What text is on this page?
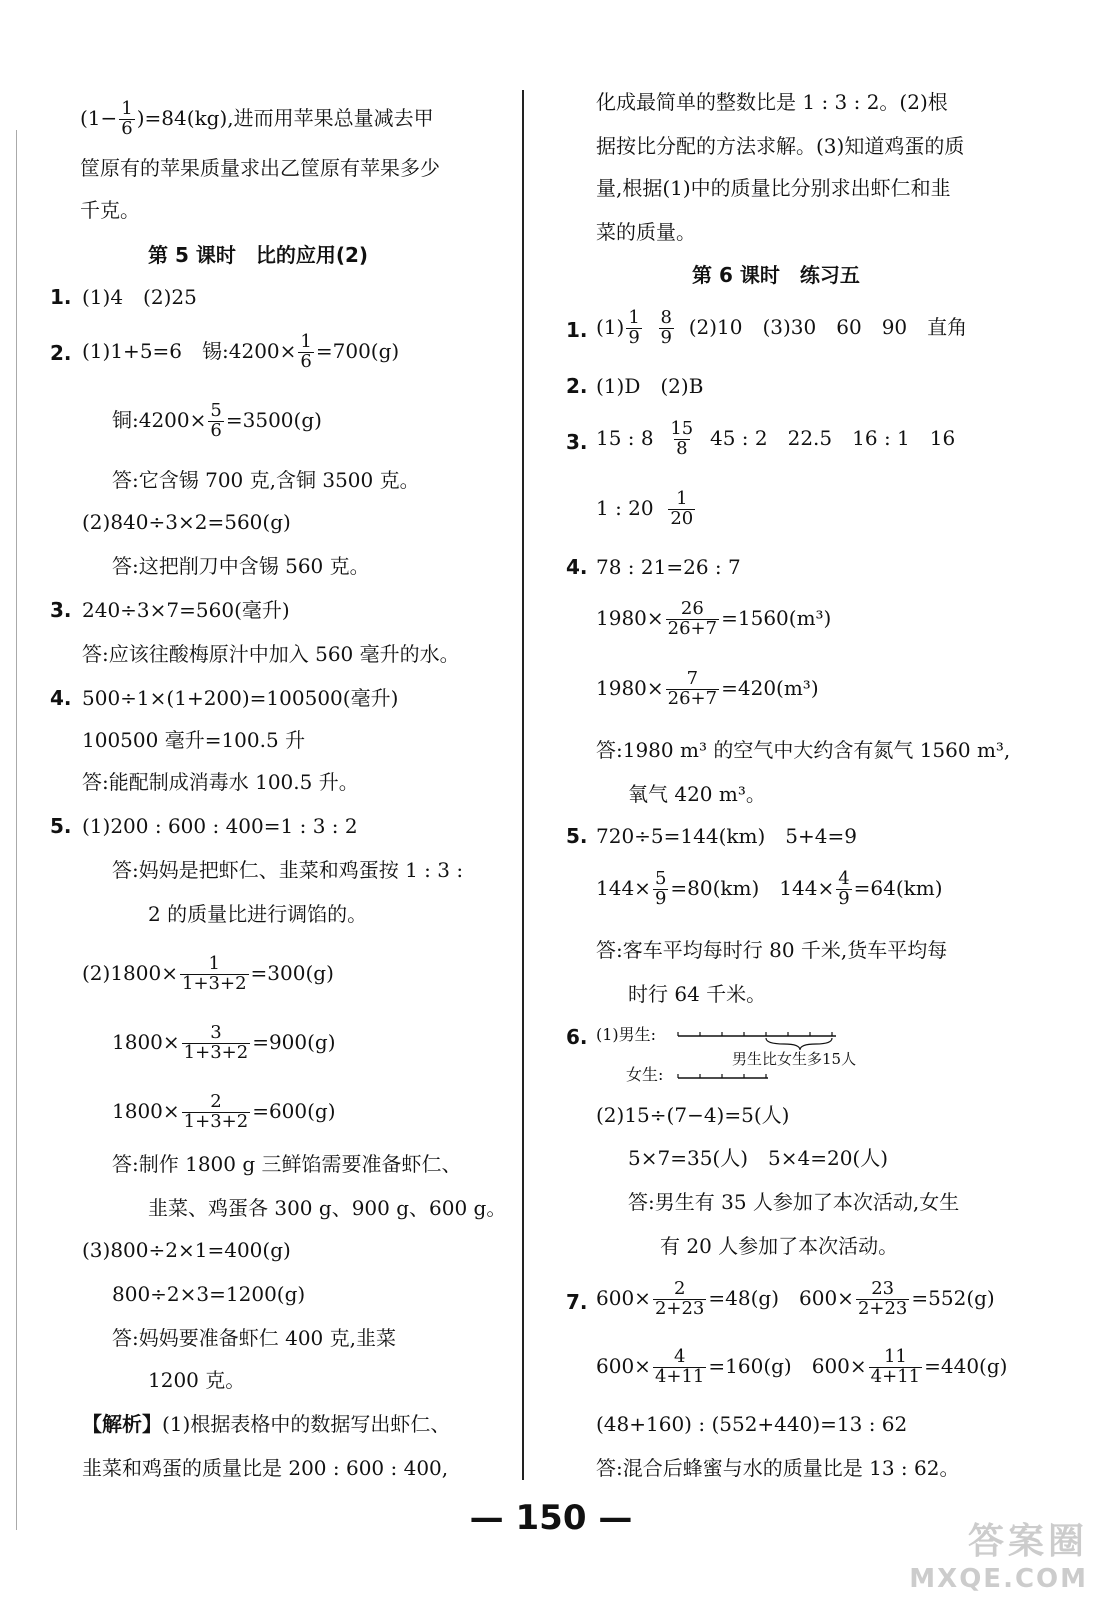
$(1- \frac{1}{6} )=84(kg)$,进而用苹果总量减去甲
筐原有的苹果质量求出乙筐原有苹果多少
千克。
第 5 课时　比的应用(2)
1. (1)4　(2)25
2. (1)1+5=6　锡:4200× $\frac{1}{6} =700(g)$
铜:4200× $\frac{5}{6} =3500(g)$
答:它含锡 700 克,含铜 3500 克。
(2)840÷3×2=560(g)
答:这把削刀中含锡 560 克。
3. 240÷3×7=560(毫升)
答:应该往酸梅原汁中加入 560 毫升的水。
4. 500÷1×(1+200)=100500(毫升)
100500 毫升=100.5 升
答:能配制成消毒水 100.5 升。
5. (1)200 : 600 : 400=1 : 3 : 2
答:妈妈是把虾仁、韭菜和鸡蛋按 1 : 3 :
2 的质量比进行调馅的。
$(2)1800\times \frac{1}{1+3+2} =300(g)$
$1800\times \frac{3}{1+3+2} =900(g)$
$1800\times \frac{2}{1+3+2} =600(g)$
答:制作 1800 g 三鲜馅需要准备虾仁、
韭菜、鸡蛋各 300 g、900 g、600 g。
(3)800÷2×1=400(g)
800÷2×3=1200(g)
答:妈妈要准备虾仁 400 克,韭菜
1200 克。
【解析】(1)根据表格中的数据写出虾仁、
韭菜和鸡蛋的质量比是 200 : 600 : 400,
化成最简单的整数比是 1 : 3 : 2。(2)根
据按比分配的方法求解。(3)知道鸡蛋的质
量,根据(1)中的质量比分别求出虾仁和韭
菜的质量。
第 6 课时　练习五
1. $(1) \frac{1}{9}$
$\frac{8}{9} (2)10$　(3)30　60　90　直角
2. (1)D　(2)B
3. 15 : $8 \frac{15}{8} 45$ : 2　22.5　16 : 1　16
1 : $20 \frac{1}{20}$
4. 78 : 21=26 : 7
$1980\times \frac{26}{26+7} =1560(m^3)$
$1980\times \frac{7}{26+7} =420(m^3)$
答:1980 m³ 的空气中大约含有氮气 1560 m³,
氧气 420 m³。
5. 720÷5=144(km)　5+4=9
$144\times \frac{5}{9} =80(km)$　$144\times \frac{4}{9} =64(km)$
答:客车平均每时行 80 千米,货车平均每
时行 64 千米。
6. (1)男生:
男生比女生多15人
女生:
(2)15÷(7−4)=5(人)
5×7=35(人)　5×4=20(人)
答:男生有 35 人参加了本次活动,女生
有 20 人参加了本次活动。
7. $600\times \frac{2}{2+23} =48(g)$　$600\times \frac{23}{2+23} =552(g)$
$600\times \frac{4}{4+11} =160(g)$　$600\times \frac{11}{4+11} =440(g)$
(48+160) : (552+440)=13 : 62
答:混合后蜂蜜与水的质量比是 13 : 62。
— 150 —
答案圈
MXQE.COM
